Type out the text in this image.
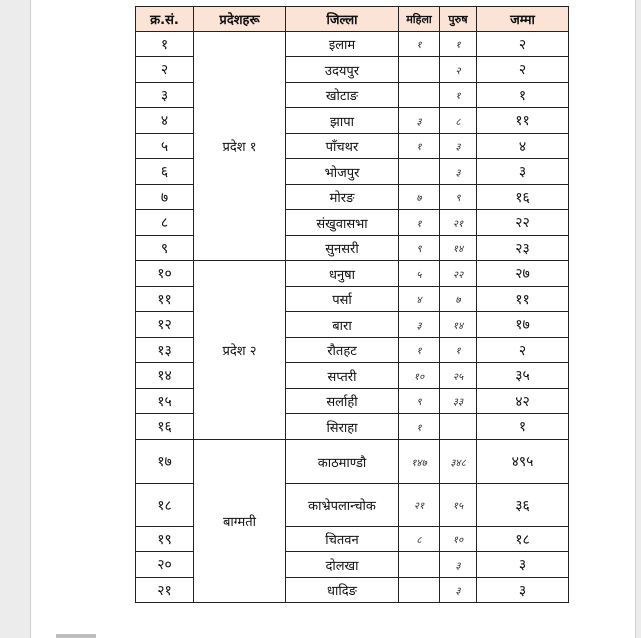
क्र.सं.	प्रदेशहरू	जिल्ला	महिला	पुरुष	जम्मा
१	प्रदेश १	इलाम	१	१	२
२		उदयपुर		२	२
३		खोटाङ		१	१
४		झापा	३	८	११
५		पाँचथर	१	३	४
६		भोजपुर		३	३
७		मोरङ	७	९	१६
८		संखुवासभा	१	२१	२२
९		सुनसरी	९	१४	२३
१०	प्रदेश २	धनुषा	५	२२	२७
११		पर्सा	४	७	११
१२		बारा	३	१४	१७
१३		रौतहट	१	१	२
१४		सप्तरी	१०	२५	३५
१५		सर्लाही	९	३३	४२
१६		सिराहा	१		१
१७	बाग्मती	काठमाण्डौ	१४७	३४८	४९५
१८		काभ्रेपलान्चोक	२१	१५	३६
१९		चितवन	८	१०	१८
२०		दोलखा		३	३
२१		धादिङ		३	३
